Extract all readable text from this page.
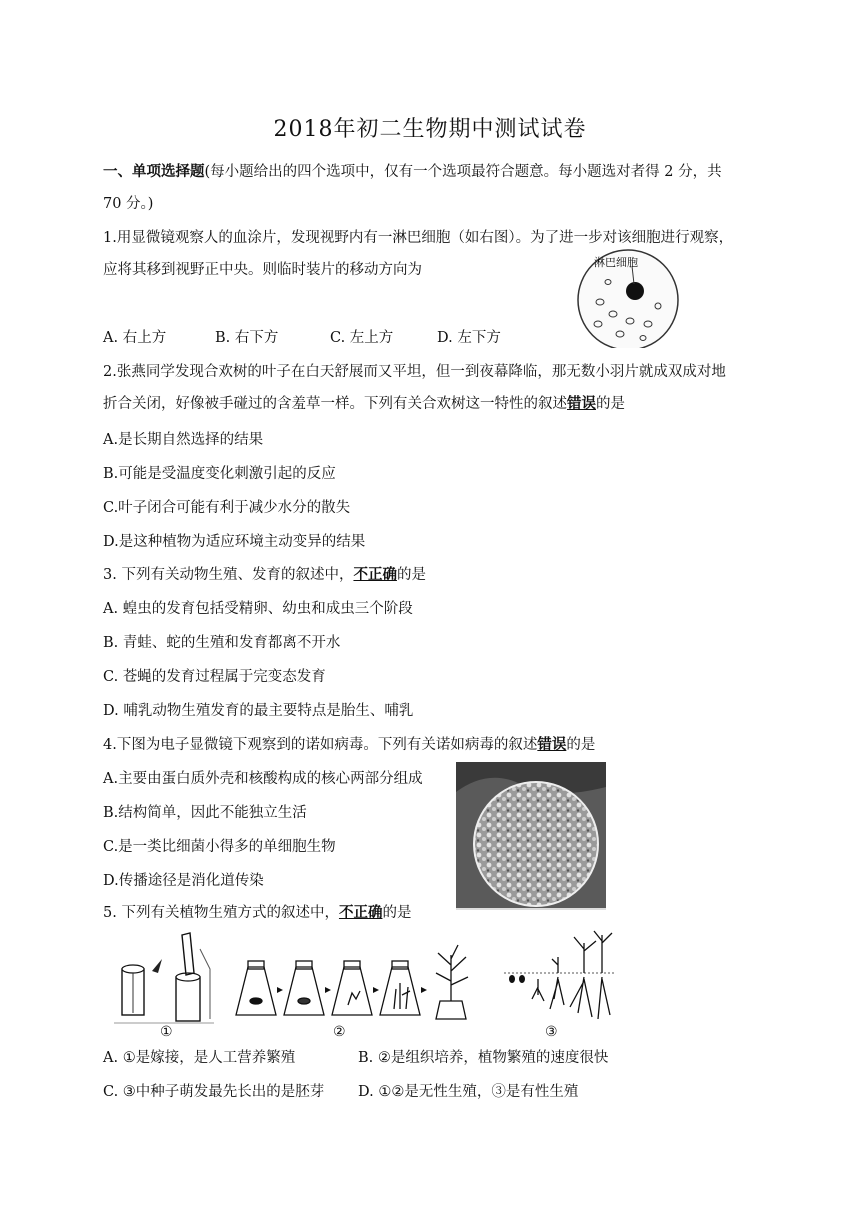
2018年初二生物期中测试试卷
一、单项选择题(每小题给出的四个选项中，仅有一个选项最符合题意。每小题选对者得 2 分，共
70 分。)
1.用显微镜观察人的血涂片，发现视野内有一淋巴细胞（如右图）。为了进一步对该细胞进行观察，
应将其移到视野正中央。则临时装片的移动方向为	淋巴细胞
A. 右上方	B. 右下方	C. 左上方	D. 左下方
2.张燕同学发现合欢树的叶子在白天舒展而又平坦，但一到夜幕降临，那无数小羽片就成双成对地
折合关闭，好像被手碰过的含羞草一样。下列有关合欢树这一特性的叙述错误的是
A.是长期自然选择的结果
B.可能是受温度变化刺激引起的反应
C.叶子闭合可能有利于减少水分的散失
D.是这种植物为适应环境主动变异的结果
3. 下列有关动物生殖、发育的叙述中，不正确的是
A. 蝗虫的发育包括受精卵、幼虫和成虫三个阶段
B. 青蛙、蛇的生殖和发育都离不开水
C. 苍蝇的发育过程属于完变态发育
D. 哺乳动物生殖发育的最主要特点是胎生、哺乳
4.下图为电子显微镜下观察到的诺如病毒。下列有关诺如病毒的叙述错误的是
A.主要由蛋白质外壳和核酸构成的核心两部分组成
B.结构简单，因此不能独立生活
C.是一类比细菌小得多的单细胞生物
D.传播途径是消化道传染
5. 下列有关植物生殖方式的叙述中，不正确的是
①	②	③
A. ①是嫁接，是人工营养繁殖	B. ②是组织培养，植物繁殖的速度很快
C. ③中种子萌发最先长出的是胚芽 D. ①②是无性生殖，③是有性生殖
